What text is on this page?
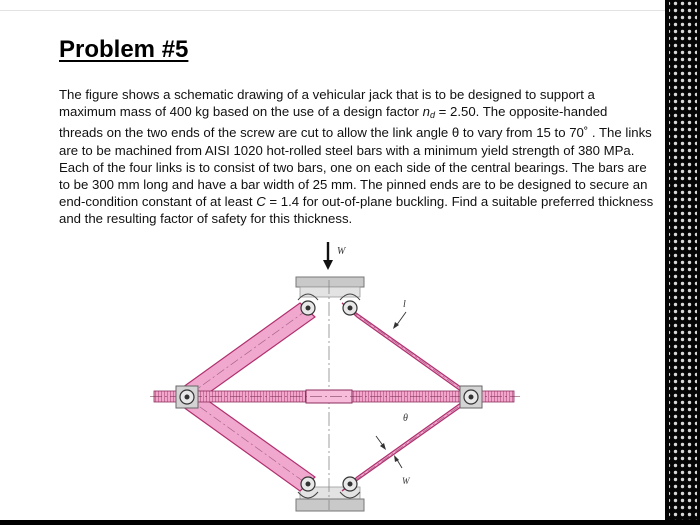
Problem #5

The figure shows a schematic drawing of a vehicular jack that is to be designed to support a maximum mass of 400 kg based on the use of a design factor $n_d = 2.50$. The opposite-handed threads on the two ends of the screw are cut to allow the link angle θ to vary from 15 to 70˚ . The links are to be machined from AISI 1020 hot-rolled steel bars with a minimum yield strength of 380 MPa. Each of the four links is to consist of two bars, one on each side of the central bearings. The bars are to be 300 mm long and have a bar width of 25 mm. The pinned ends are to be designed to secure an end-condition constant of at least C = 1.4 for out-of-plane buckling. Find a suitable preferred thickness and the resulting factor of safety for this thickness.

W
l
θ
W
